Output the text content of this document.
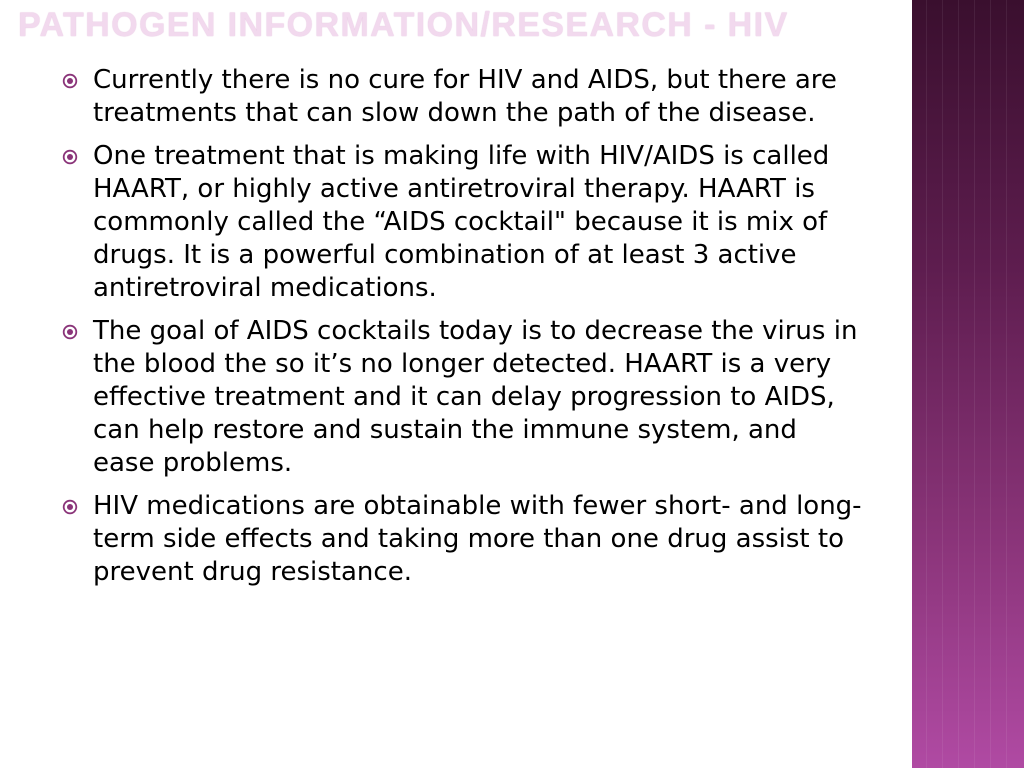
PATHOGEN INFORMATION/RESEARCH - HIV
Currently there is no cure for HIV and AIDS, but there are treatments that can slow down the path of the disease.
One treatment that is making life with HIV/AIDS is called HAART, or highly active antiretroviral therapy. HAART is commonly called the “AIDS cocktail" because it is mix of drugs. It is a powerful combination of at least 3 active antiretroviral medications.
The goal of AIDS cocktails today is to decrease the virus in the blood the so it’s no longer detected. HAART is a very effective treatment and it can delay progression to AIDS, can help restore and sustain the immune system, and ease problems.
HIV medications are obtainable with fewer short- and long-term side effects and taking more than one drug assist to prevent drug resistance.
